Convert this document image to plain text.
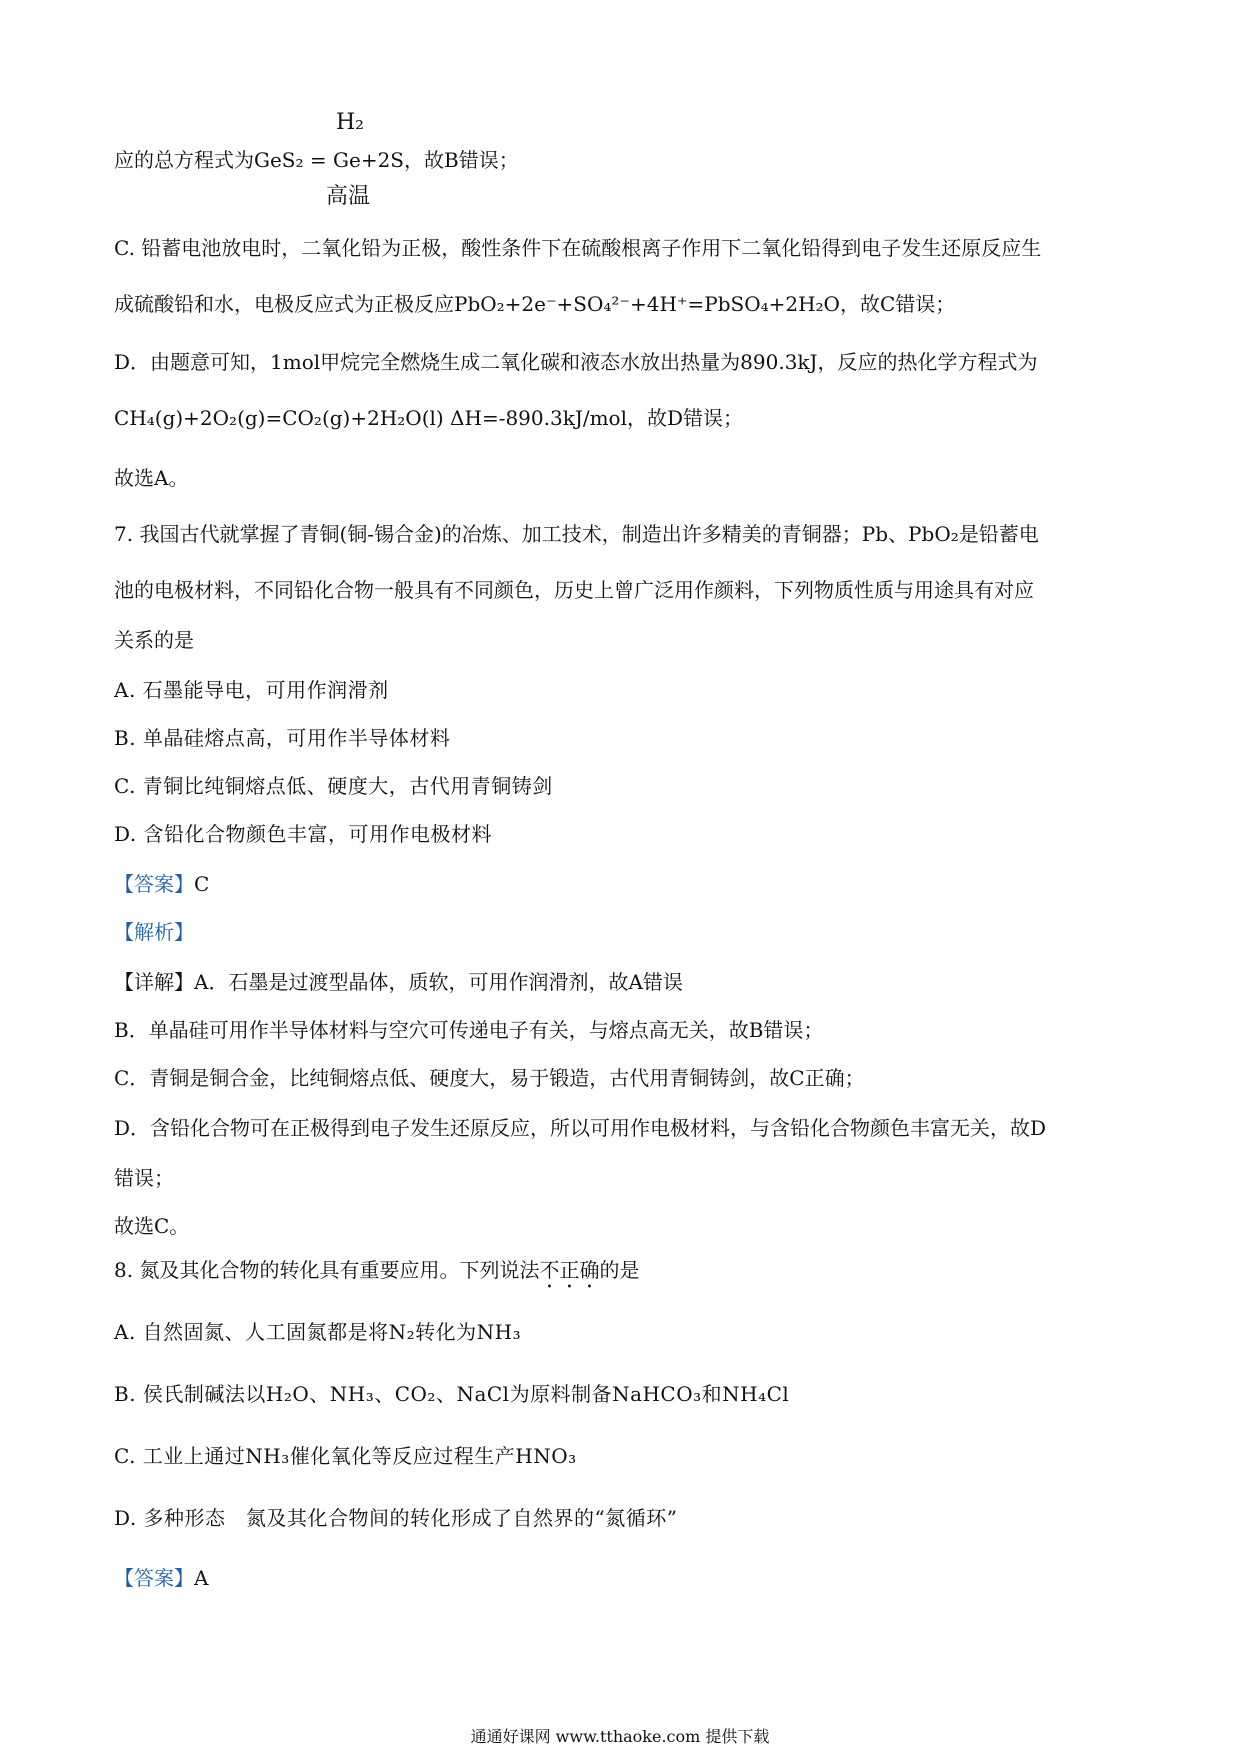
H₂
应的总方程式为GeS₂ = Ge+2S，故B错误；
高温
C. 铅蓄电池放电时，二氧化铅为正极，酸性条件下在硫酸根离子作用下二氧化铅得到电子发生还原反应生
成硫酸铅和水，电极反应式为正极反应PbO₂+2e⁻+SO₄²⁻+4H⁺=PbSO₄+2H₂O，故C错误；
D．由题意可知，1mol甲烷完全燃烧生成二氧化碳和液态水放出热量为890.3kJ，反应的热化学方程式为
CH₄(g)+2O₂(g)=CO₂(g)+2H₂O(l) ΔH=-890.3kJ/mol，故D错误；
故选A。
7. 我国古代就掌握了青铜(铜-锡合金)的冶炼、加工技术，制造出许多精美的青铜器；Pb、PbO₂是铅蓄电
池的电极材料，不同铅化合物一般具有不同颜色，历史上曾广泛用作颜料，下列物质性质与用途具有对应
关系的是
A. 石墨能导电，可用作润滑剂
B. 单晶硅熔点高，可用作半导体材料
C. 青铜比纯铜熔点低、硬度大，古代用青铜铸剑
D. 含铅化合物颜色丰富，可用作电极材料
【答案】C
【解析】
【详解】A．石墨是过渡型晶体，质软，可用作润滑剂，故A错误
B．单晶硅可用作半导体材料与空穴可传递电子有关，与熔点高无关，故B错误；
C．青铜是铜合金，比纯铜熔点低、硬度大，易于锻造，古代用青铜铸剑，故C正确；
D．含铅化合物可在正极得到电子发生还原反应，所以可用作电极材料，与含铅化合物颜色丰富无关，故D
错误；
故选C。
8. 氮及其化合物的转化具有重要应用。下列说法不正确的是
A. 自然固氮、人工固氮都是将N₂转化为NH₃
B. 侯氏制碱法以H₂O、NH₃、CO₂、NaCl为原料制备NaHCO₃和NH₄Cl
C. 工业上通过NH₃催化氧化等反应过程生产HNO₃
D. 多种形态　氮及其化合物间的转化形成了自然界的“氮循环”
【答案】A
通通好课网 www.tthaoke.com 提供下载
